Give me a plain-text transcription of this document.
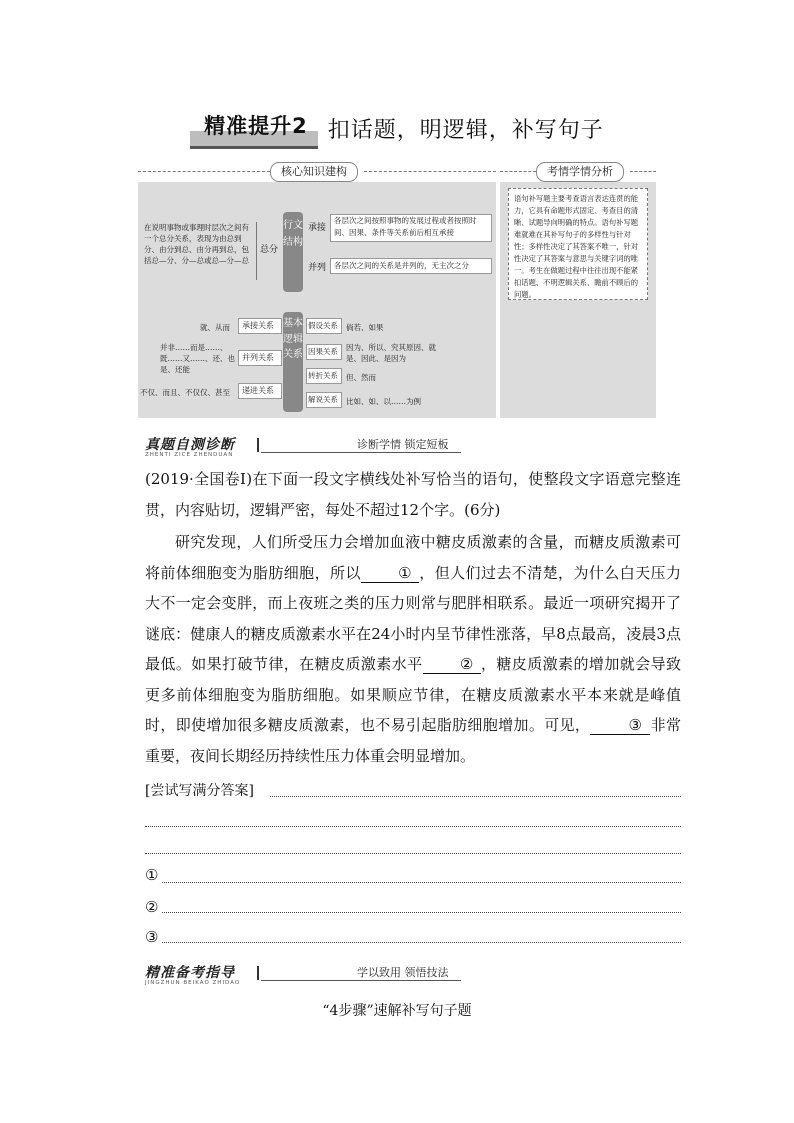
精准提升2 扣话题，明逻辑，补写句子
核心知识建构	考情学情分析
在说明事物或事理时层次之间有一个总分关系，表现为由总到分、由分到总、由分再到总，包括总—分、分—总或总—分—总
总分
行文结构
承接
各层次之间按照事物的发展过程或者按照时间、因果、条件等关系前后相互承接
并列	各层次之间的关系是并列的，无主次之分
基本逻辑关系
就、从而	承接关系
并非……而是……、既……又……、还、也是、还能
并列关系
不仅、而且、不仅仅、甚至	递进关系
假设关系	倘若、如果
因果关系	因为、所以、究其原因、就是、因此、是因为
转折关系	但、然而
解说关系	比如、如、以……为例
语句补写题主要考查语言表达连贯的能力，它具有命题形式固定、考查目的清晰、试题导向明确的特点。语句补写题难就难在其补写句子的多样性与针对性；多样性决定了其答案不唯一，针对性决定了其答案与意思与关键字词的唯一。考生在做题过程中往往出现不能紧扣话题、不明逻辑关系、瞻前不顾后的问题。
真题自测诊断
ZHENTI ZICE ZHENDUAN
诊断学情 锁定短板
(2019·全国卷Ⅰ)在下面一段文字横线处补写恰当的语句，使整段文字语意完整连贯，内容贴切，逻辑严密，每处不超过12个字。(6分)
研究发现，人们所受压力会增加血液中糖皮质激素的含量，而糖皮质激素可将前体细胞变为脂肪细胞，所以 ① ，但人们过去不清楚，为什么白天压力大不一定会变胖，而上夜班之类的压力则常与肥胖相联系。最近一项研究揭开了谜底：健康人的糖皮质激素水平在24小时内呈节律性涨落，早8点最高，凌晨3点最低。如果打破节律，在糖皮质激素水平 ② ，糖皮质激素的增加就会导致更多前体细胞变为脂肪细胞。如果顺应节律，在糖皮质激素水平本来就是峰值时，即使增加很多糖皮质激素，也不易引起脂肪细胞增加。可见，	③ 非常重要，夜间长期经历持续性压力体重会明显增加。
[尝试写满分答案]
①
②
③
精准备考指导
JINGZHUN BEIKAO ZHIDAO
学以致用 领悟技法
“4步骤”速解补写句子题
